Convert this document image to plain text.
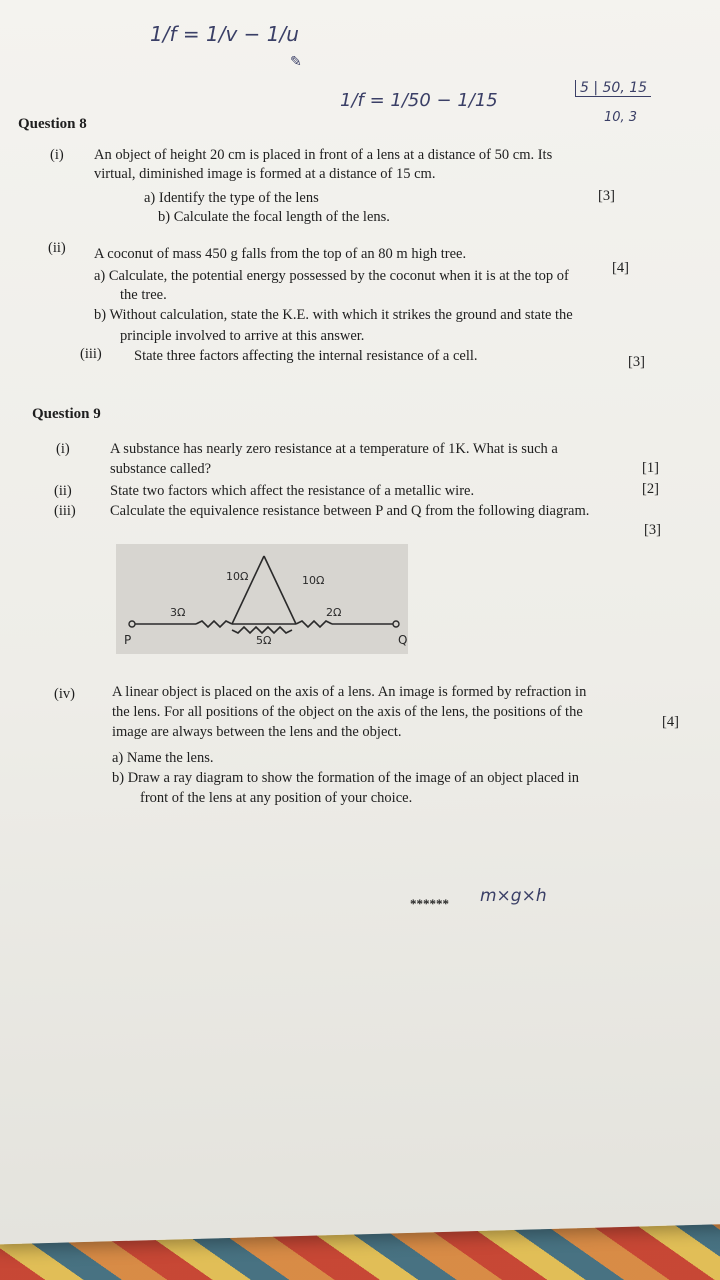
1/f = 1/v − 1/u
✎
1/f = 1/50 − 1/15
5 | 50, 15
10, 3
Question 8
(i) An object of height 20 cm is placed in front of a lens at a distance of 50 cm. Its
virtual, diminished image is formed at a distance of 15 cm.
[3]
a) Identify the type of the lens
b) Calculate the focal length of the lens.
(ii) A coconut of mass 450 g falls from the top of an 80 m high tree.
[4]
a) Calculate, the potential energy possessed by the coconut when it is at the top of
the tree.
b) Without calculation, state the K.E. with which it strikes the ground and state the
principle involved to arrive at this answer.
(iii) State three factors affecting the internal resistance of a cell.	[3]
Question 9
(i)	A substance has nearly zero resistance at a temperature of 1K. What is such a
substance called?	[1]
(ii)	State two factors which affect the resistance of a metallic wire.	[2]
(iii) Calculate the equivalence resistance between P and Q from the following diagram.
[3]
10Ω	10Ω
3Ω	2Ω
5Ω
P	Q
(iv)	A linear object is placed on the axis of a lens. An image is formed by refraction in
the lens. For all positions of the object on the axis of the lens, the positions of the
image are always between the lens and the object.
[4]
a) Name the lens.
b) Draw a ray diagram to show the formation of the image of an object placed in
front of the lens at any position of your choice.
****** m×g×h
